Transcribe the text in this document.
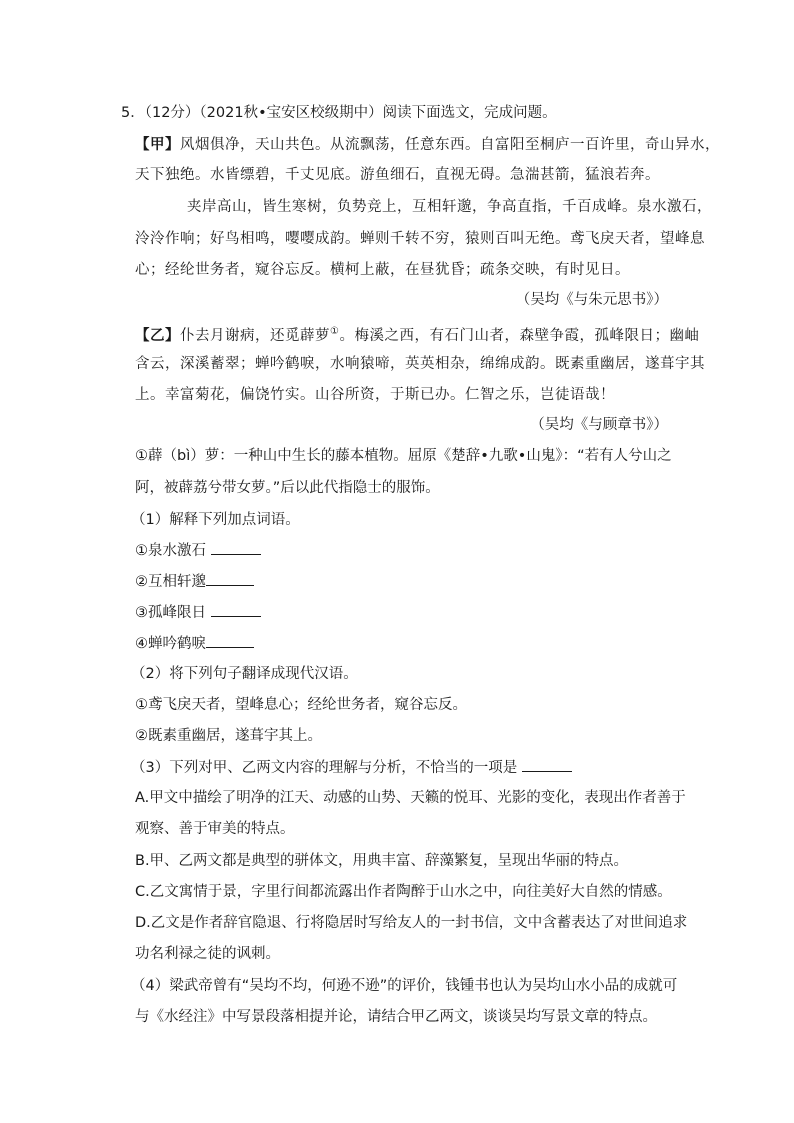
5．（12分）（2021秋•宝安区校级期中）阅读下面选文，完成问题。
【甲】风烟俱净，天山共色。从流飘荡，任意东西。自富阳至桐庐一百许里，奇山异水，
天下独绝。水皆缥碧，千丈见底。游鱼细石，直视无碍。急湍甚箭，猛浪若奔。
夹岸高山，皆生寒树，负势竞上，互相轩邈，争高直指，千百成峰。泉水激石，
泠泠作响；好鸟相鸣，嘤嘤成韵。蝉则千转不穷，猿则百叫无绝。鸢飞戾天者，望峰息
心；经纶世务者，窥谷忘反。横柯上蔽，在昼犹昏；疏条交映，有时见日。
（吴均《与朱元思书》）
【乙】仆去月谢病，还觅薜萝①。梅溪之西，有石门山者，森壁争霞，孤峰限日；幽岫
含云，深溪蓄翠；蝉吟鹤唳，水响猿啼，英英相杂，绵绵成韵。既素重幽居，遂葺宇其
上。幸富菊花，偏饶竹实。山谷所资，于斯已办。仁智之乐，岂徒语哉！
（吴均《与顾章书》）
①薜（bì）萝：一种山中生长的藤本植物。屈原《楚辞•九歌•山鬼》：“若有人兮山之
阿，被薜荔兮带女萝。”后以此代指隐士的服饰。
（1）解释下列加点词语。
①泉水激石
②互相轩邈
③孤峰限日
④蝉吟鹤唳
（2）将下列句子翻译成现代汉语。
①鸢飞戾天者，望峰息心；经纶世务者，窥谷忘反。
②既素重幽居，遂葺宇其上。
（3）下列对甲、乙两文内容的理解与分析，不恰当的一项是
A.甲文中描绘了明净的江天、动感的山势、天籁的悦耳、光影的变化，表现出作者善于
观察、善于审美的特点。
B.甲、乙两文都是典型的骈体文，用典丰富、辞藻繁复，呈现出华丽的特点。
C.乙文寓情于景，字里行间都流露出作者陶醉于山水之中，向往美好大自然的情感。
D.乙文是作者辞官隐退、行将隐居时写给友人的一封书信，文中含蓄表达了对世间追求
功名利禄之徒的讽刺。
（4）梁武帝曾有“吴均不均，何逊不逊”的评价，钱锺书也认为吴均山水小品的成就可
与《水经注》中写景段落相提并论，请结合甲乙两文，谈谈吴均写景文章的特点。
